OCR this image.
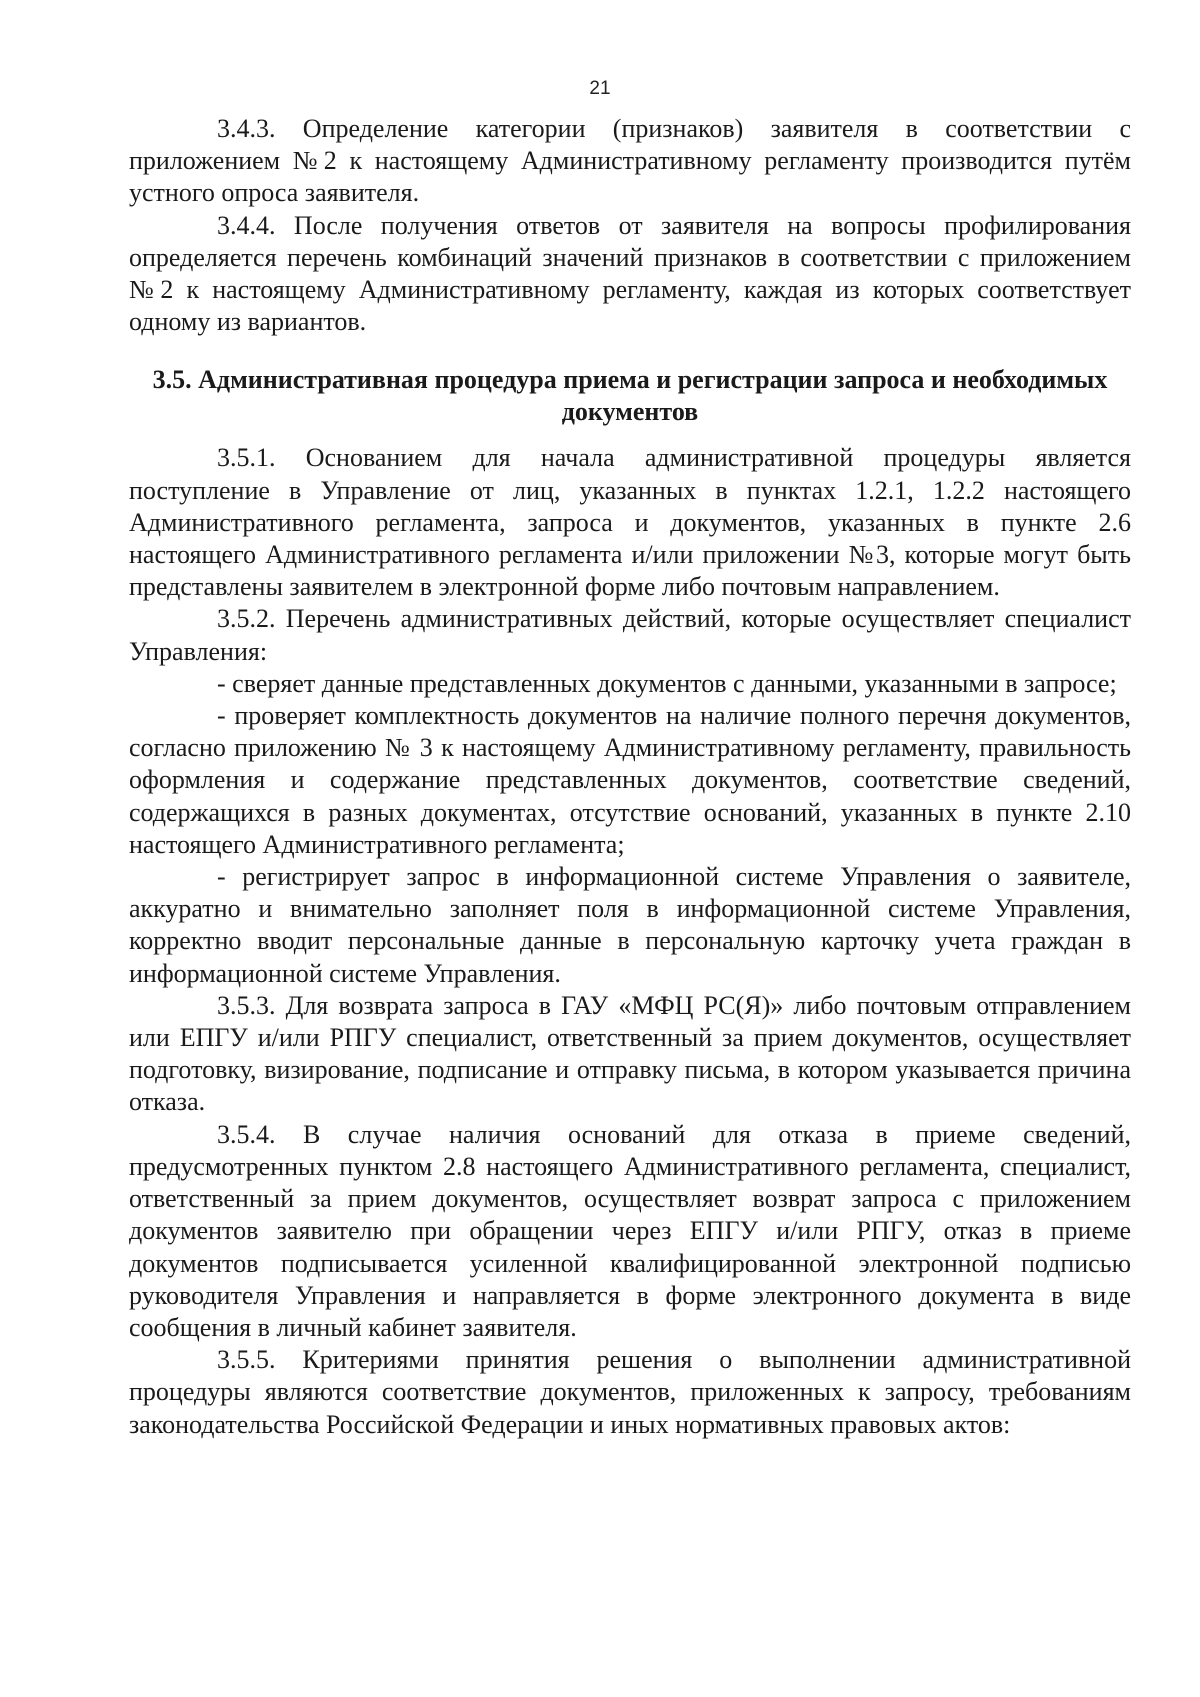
21

3.4.3. Определение категории (признаков) заявителя в соответствии с приложением №2 к настоящему Административному регламенту производится путём устного опроса заявителя.

3.4.4. После получения ответов от заявителя на вопросы профилирования определяется перечень комбинаций значений признаков в соответствии с приложением №2 к настоящему Административному регламенту, каждая из которых соответствует одному из вариантов.

3.5. Административная процедура приема и регистрации запроса и необходимых документов

3.5.1. Основанием для начала административной процедуры является поступление в Управление от лиц, указанных в пунктах 1.2.1, 1.2.2 настоящего Административного регламента, запроса и документов, указанных в пункте 2.6 настоящего Административного регламента и/или приложении №3, которые могут быть представлены заявителем в электронной форме либо почтовым направлением.

3.5.2. Перечень административных действий, которые осуществляет специалист Управления:

- сверяет данные представленных документов с данными, указанными в запросе;

- проверяет комплектность документов на наличие полного перечня документов, согласно приложению № 3 к настоящему Административному регламенту, правильность оформления и содержание представленных документов, соответствие сведений, содержащихся в разных документах, отсутствие оснований, указанных в пункте 2.10 настоящего Административного регламента;

- регистрирует запрос в информационной системе Управления о заявителе, аккуратно и внимательно заполняет поля в информационной системе Управления, корректно вводит персональные данные в персональную карточку учета граждан в информационной системе Управления.

3.5.3. Для возврата запроса в ГАУ «МФЦ РС(Я)» либо почтовым отправлением или ЕПГУ и/или РПГУ специалист, ответственный за прием документов, осуществляет подготовку, визирование, подписание и отправку письма, в котором указывается причина отказа.

3.5.4. В случае наличия оснований для отказа в приеме сведений, предусмотренных пунктом 2.8 настоящего Административного регламента, специалист, ответственный за прием документов, осуществляет возврат запроса с приложением документов заявителю при обращении через ЕПГУ и/или РПГУ, отказ в приеме документов подписывается усиленной квалифицированной электронной подписью руководителя Управления и направляется в форме электронного документа в виде сообщения в личный кабинет заявителя.

3.5.5. Критериями принятия решения о выполнении административной процедуры являются соответствие документов, приложенных к запросу, требованиям законодательства Российской Федерации и иных нормативных правовых актов:
